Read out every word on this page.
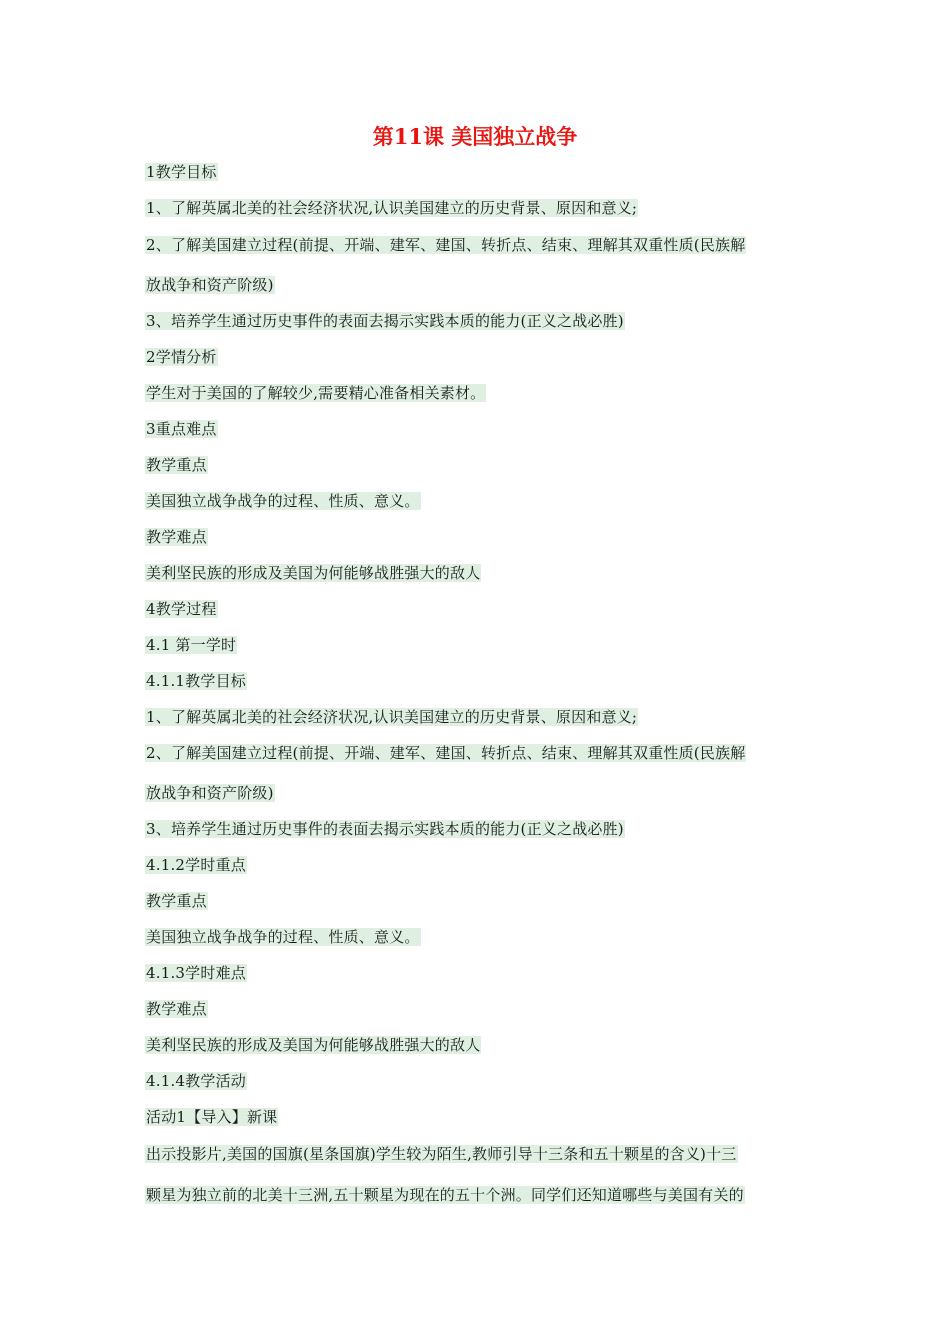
第11课 美国独立战争
1教学目标
1、了解英属北美的社会经济状况,认识美国建立的历史背景、原因和意义;
2、了解美国建立过程(前提、开端、建军、建国、转折点、结束、理解其双重性质(民族解
放战争和资产阶级)
3、培养学生通过历史事件的表面去揭示实践本质的能力(正义之战必胜)
2学情分析
学生对于美国的了解较少,需要精心准备相关素材。
3重点难点
教学重点
美国独立战争战争的过程、性质、意义。
教学难点
美利坚民族的形成及美国为何能够战胜强大的敌人
4教学过程
4.1 第一学时
4.1.1教学目标
1、了解英属北美的社会经济状况,认识美国建立的历史背景、原因和意义;
2、了解美国建立过程(前提、开端、建军、建国、转折点、结束、理解其双重性质(民族解
放战争和资产阶级)
3、培养学生通过历史事件的表面去揭示实践本质的能力(正义之战必胜)
4.1.2学时重点
教学重点
美国独立战争战争的过程、性质、意义。
4.1.3学时难点
教学难点
美利坚民族的形成及美国为何能够战胜强大的敌人
4.1.4教学活动
活动1【导入】新课
出示投影片,美国的国旗(星条国旗)学生较为陌生,教师引导十三条和五十颗星的含义)十三
颗星为独立前的北美十三洲,五十颗星为现在的五十个洲。同学们还知道哪些与美国有关的
